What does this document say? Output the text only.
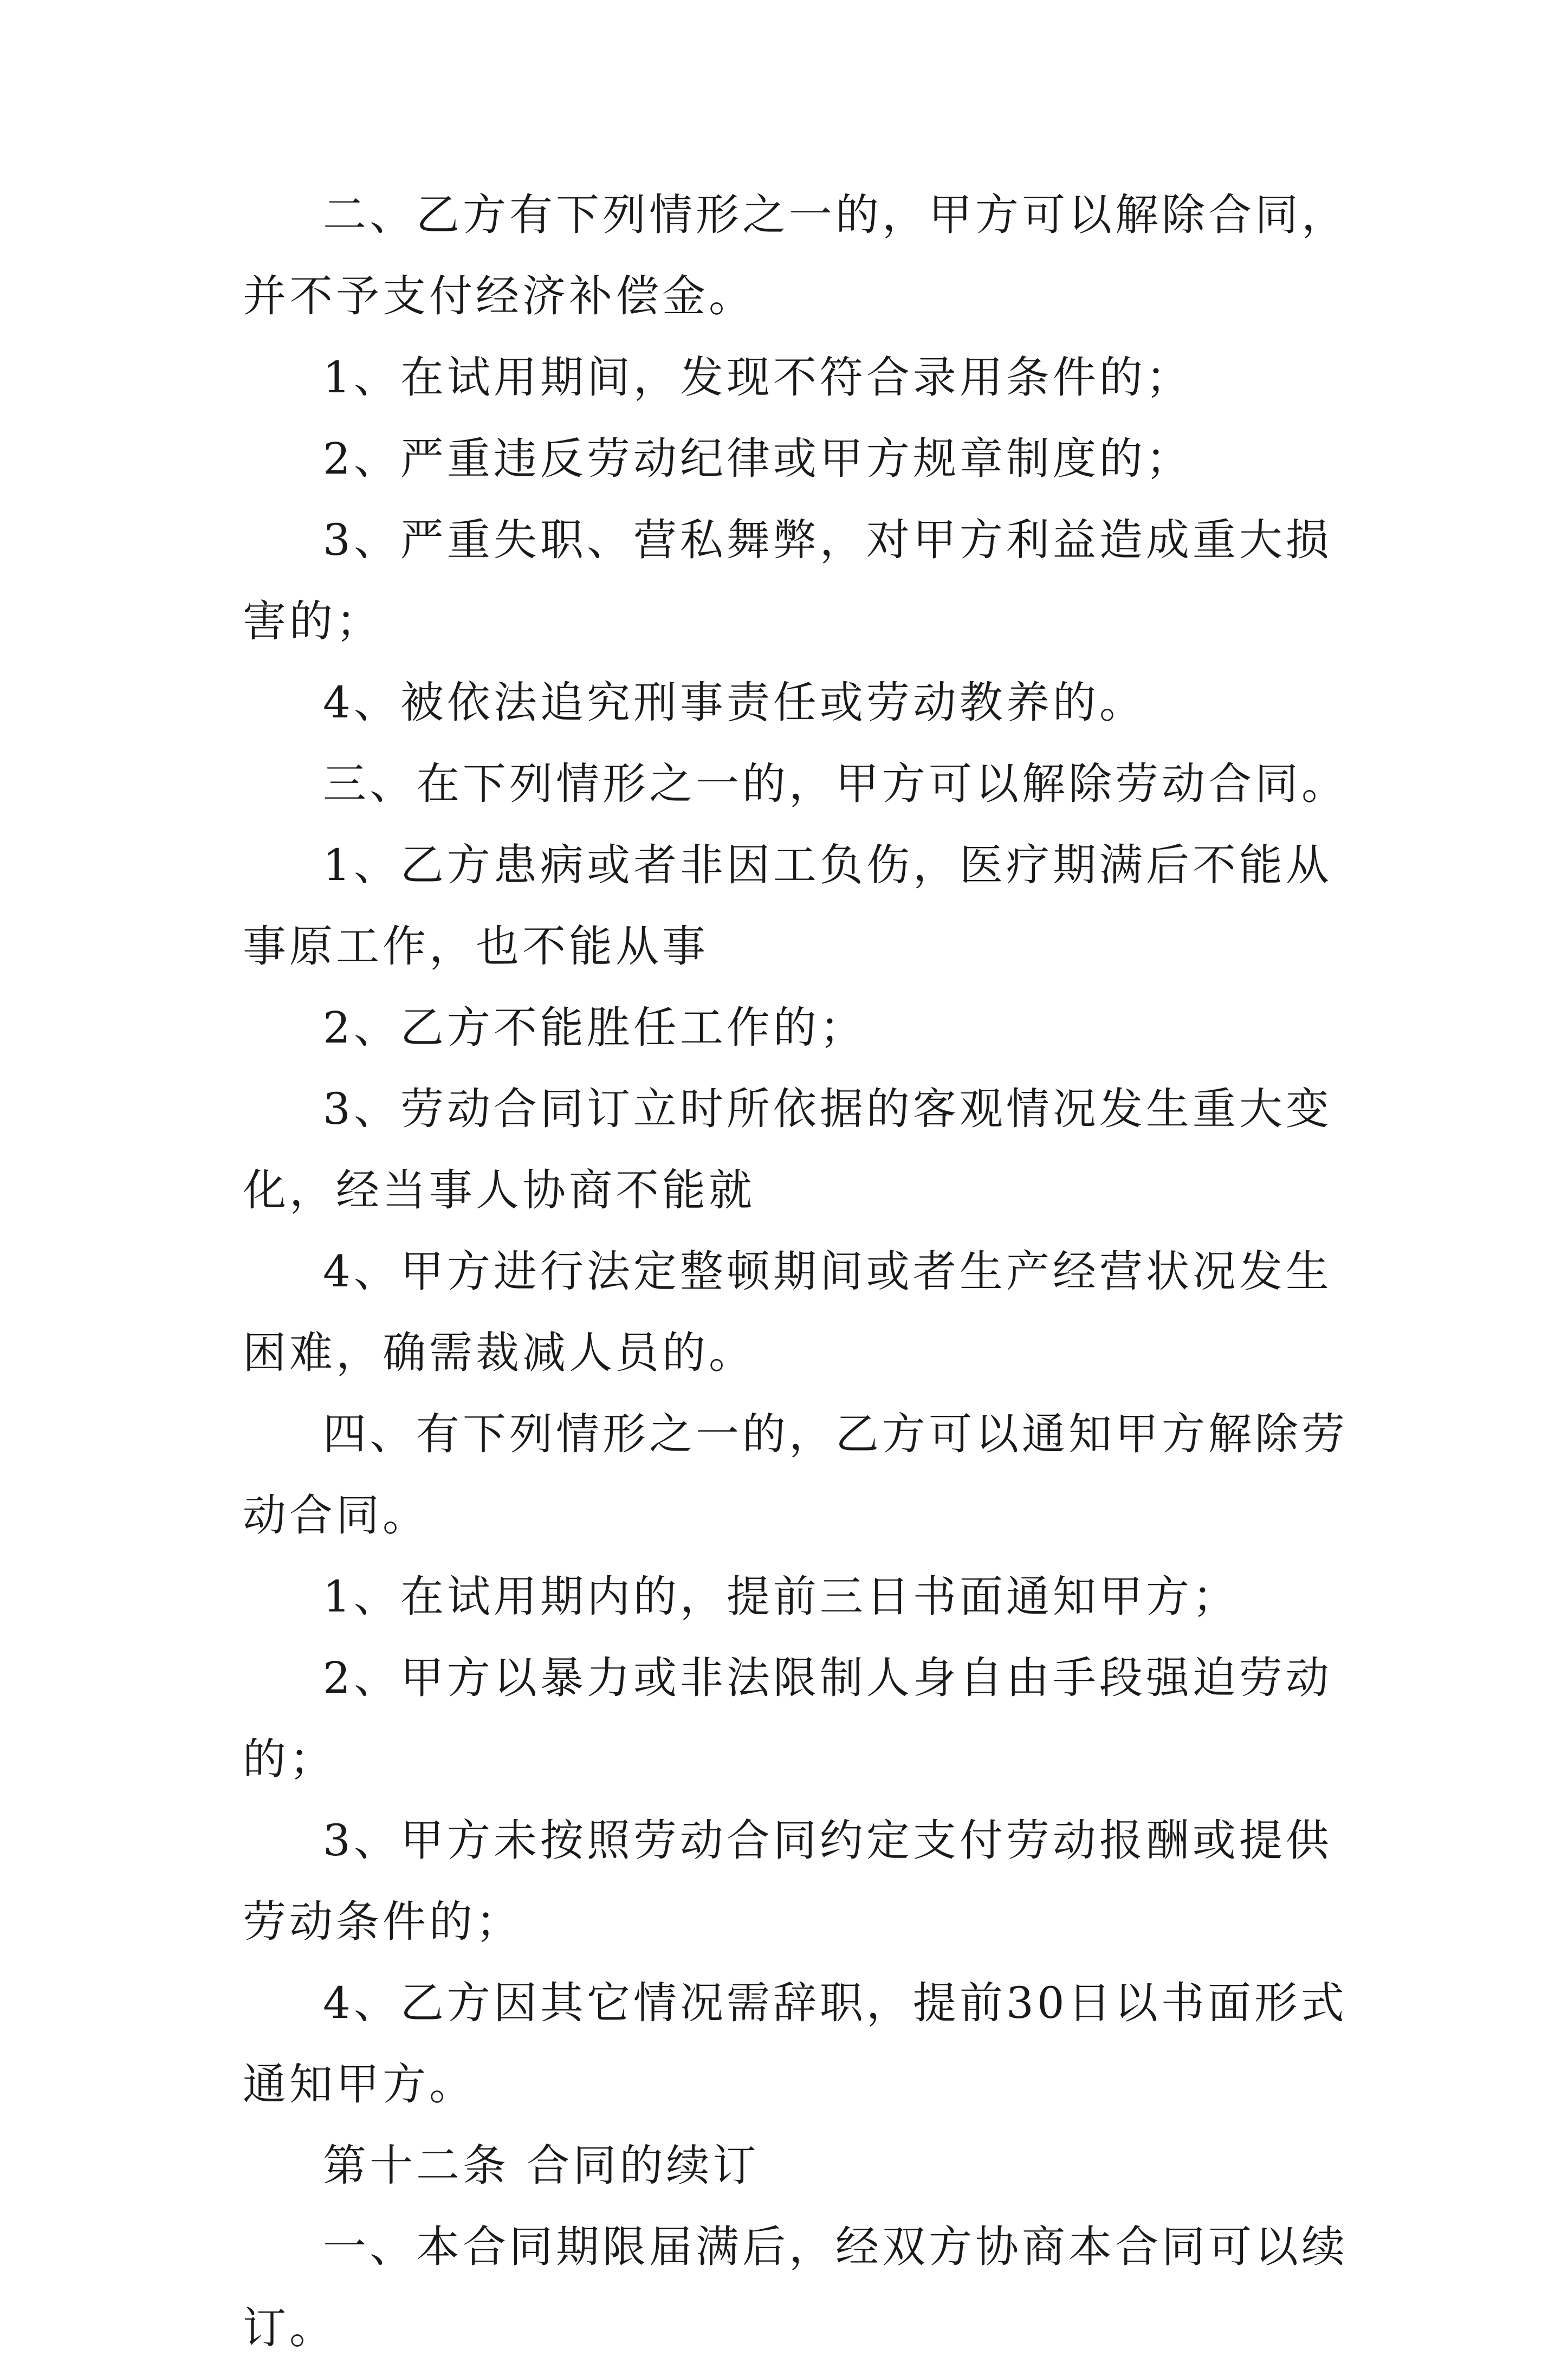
二、乙方有下列情形之一的，甲方可以解除合同，并不予支付经济补偿金。

1、在试用期间，发现不符合录用条件的；

2、严重违反劳动纪律或甲方规章制度的；

3、严重失职、营私舞弊，对甲方利益造成重大损害的；

4、被依法追究刑事责任或劳动教养的。

三、在下列情形之一的，甲方可以解除劳动合同。

1、乙方患病或者非因工负伤，医疗期满后不能从事原工作，也不能从事

2、乙方不能胜任工作的；

3、劳动合同订立时所依据的客观情况发生重大变化，经当事人协商不能就

4、甲方进行法定整顿期间或者生产经营状况发生困难，确需裁减人员的。

四、有下列情形之一的，乙方可以通知甲方解除劳动合同。

1、在试用期内的，提前三日书面通知甲方；

2、甲方以暴力或非法限制人身自由手段强迫劳动的；

3、甲方未按照劳动合同约定支付劳动报酬或提供劳动条件的；

4、乙方因其它情况需辞职，提前30日以书面形式通知甲方。

第十二条 合同的续订

一、本合同期限届满后，经双方协商本合同可以续订。
